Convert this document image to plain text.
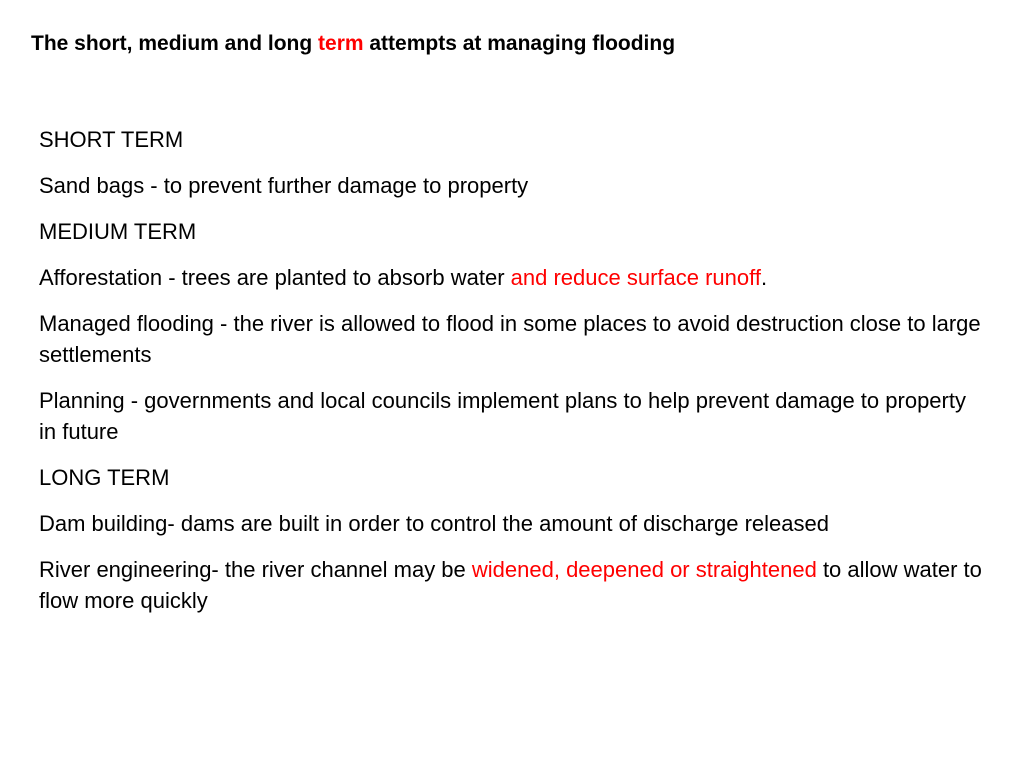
The short, medium and long term attempts at managing flooding

SHORT TERM

Sand bags - to prevent further damage to property

MEDIUM TERM

Afforestation - trees are planted to absorb water and reduce surface runoff.

Managed flooding - the river is allowed to flood in some places to avoid destruction close to large settlements

Planning - governments and local councils implement plans to help prevent damage to property in future

LONG TERM

Dam building- dams are built in order to control the amount of discharge released

River engineering- the river channel may be widened, deepened or straightened to allow water to flow more quickly
